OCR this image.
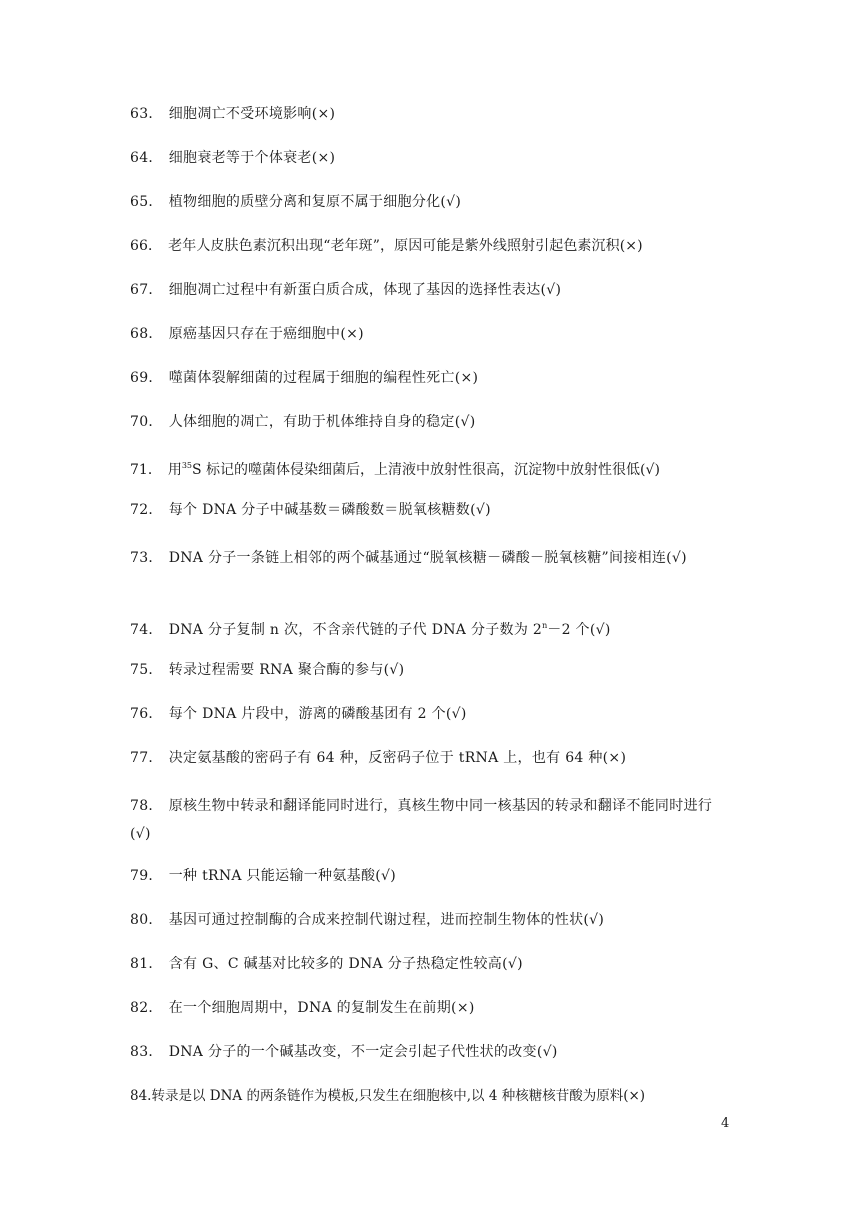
63． 细胞凋亡不受环境影响(×)
64． 细胞衰老等于个体衰老(×)
65． 植物细胞的质壁分离和复原不属于细胞分化(√)
66． 老年人皮肤色素沉积出现“老年斑”，原因可能是紫外线照射引起色素沉积(×)
67． 细胞凋亡过程中有新蛋白质合成，体现了基因的选择性表达(√)
68． 原癌基因只存在于癌细胞中(×)
69． 噬菌体裂解细菌的过程属于细胞的编程性死亡(×)
70． 人体细胞的凋亡，有助于机体维持自身的稳定(√)
71． 用$^{35}$S 标记的噬菌体侵染细菌后，上清液中放射性很高，沉淀物中放射性很低(√)
72． 每个 DNA 分子中碱基数＝磷酸数＝脱氧核糖数(√)
73． DNA 分子一条链上相邻的两个碱基通过“脱氧核糖－磷酸－脱氧核糖”间接相连(√)
74． DNA 分子复制 n 次，不含亲代链的子代 DNA 分子数为 $2^n-2$ 个(√)
75． 转录过程需要 RNA 聚合酶的参与(√)
76． 每个 DNA 片段中，游离的磷酸基团有 2 个(√)
77． 决定氨基酸的密码子有 64 种，反密码子位于 tRNA 上，也有 64 种(×)
78． 原核生物中转录和翻译能同时进行，真核生物中同一核基因的转录和翻译不能同时进行(√)
79． 一种 tRNA 只能运输一种氨基酸(√)
80． 基因可通过控制酶的合成来控制代谢过程，进而控制生物体的性状(√)
81． 含有 G、C 碱基对比较多的 DNA 分子热稳定性较高(√)
82． 在一个细胞周期中，DNA 的复制发生在前期(×)
83． DNA 分子的一个碱基改变，不一定会引起子代性状的改变(√)
84.转录是以 DNA 的两条链作为模板,只发生在细胞核中,以 4 种核糖核苷酸为原料(×)
4
